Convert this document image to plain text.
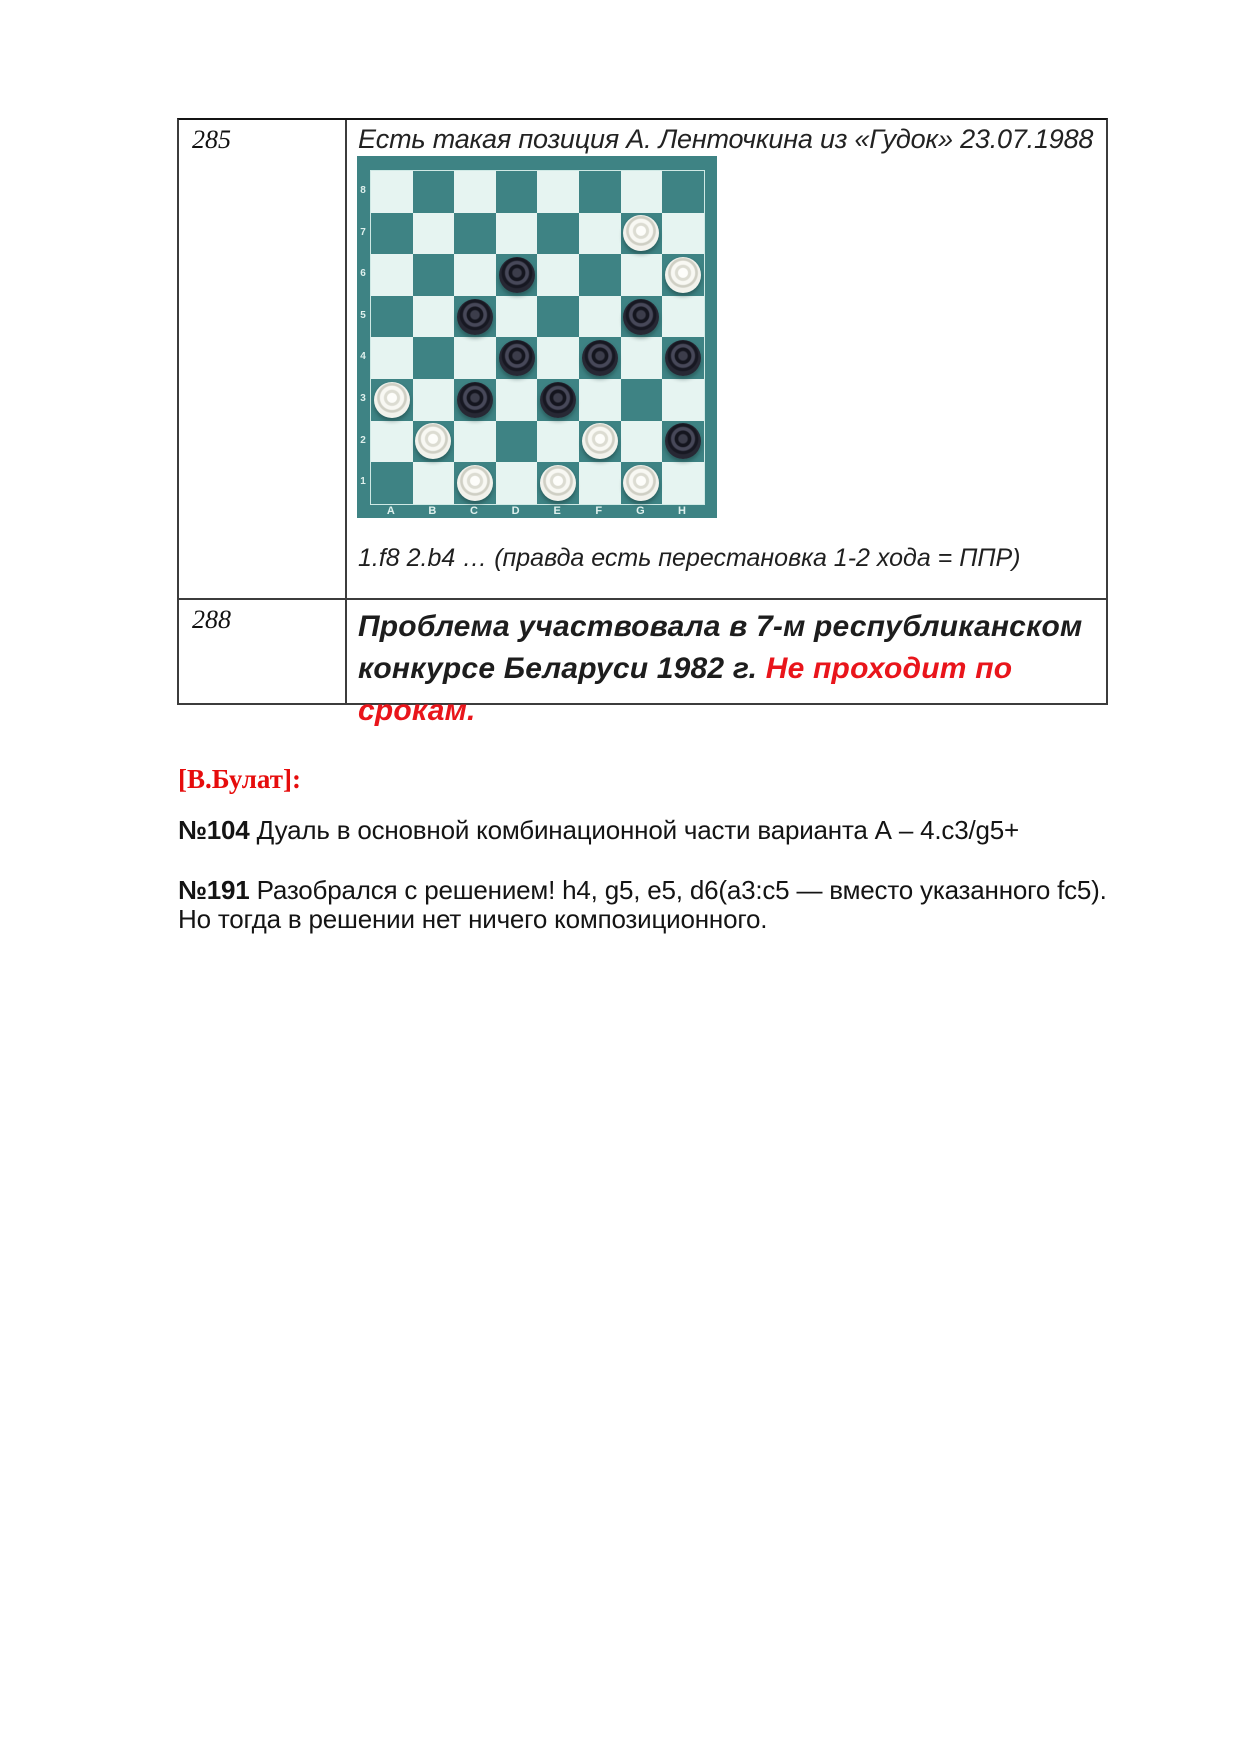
285	Есть такая позиция А. Ленточкина из «Гудок» 23.07.1988
8
7
6
5
4
3
2
1
A	B	C	D	E	F	G	H
1.f8 2.b4 … (правда есть перестановка 1-2 хода = ППР)
288	Проблема участвовала в 7-м республиканском конкурсе Беларуси 1982 г. Не проходит по срокам.
[В.Булат]:
№104 Дуаль в основной комбинационной части варианта А – 4.c3/g5+
№191 Разобрался с решением! h4, g5, e5, d6(a3:c5 — вместо указанного fc5).
Но тогда в решении нет ничего композиционного.
